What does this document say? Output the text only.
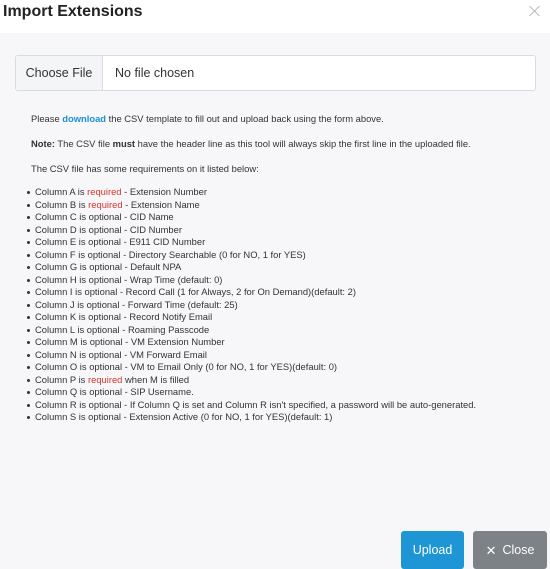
Import Extensions
Choose File	No file chosen

Please download the CSV template to fill out and upload back using the form above.

Note: The CSV file must have the header line as this tool will always skip the first line in the uploaded file.

The CSV file has some requirements on it listed below:

Column A is required - Extension Number
Column B is required - Extension Name
Column C is optional - CID Name
Column D is optional - CID Number
Column E is optional - E911 CID Number
Column F is optional - Directory Searchable (0 for NO, 1 for YES)
Column G is optional - Default NPA
Column H is optional - Wrap Time (default: 0)
Column I is optional - Record Call (1 for Always, 2 for On Demand)(default: 2)
Column J is optional - Forward Time (default: 25)
Column K is optional - Record Notify Email
Column L is optional - Roaming Passcode
Column M is optional - VM Extension Number
Column N is optional - VM Forward Email
Column O is optional - VM to Email Only (0 for NO, 1 for YES)(default: 0)
Column P is required when M is filled
Column Q is optional - SIP Username.
Column R is optional - If Column Q is set and Column R isn't specified, a password will be auto-generated.
Column S is optional - Extension Active (0 for NO, 1 for YES)(default: 1)
Upload	✕ Close
